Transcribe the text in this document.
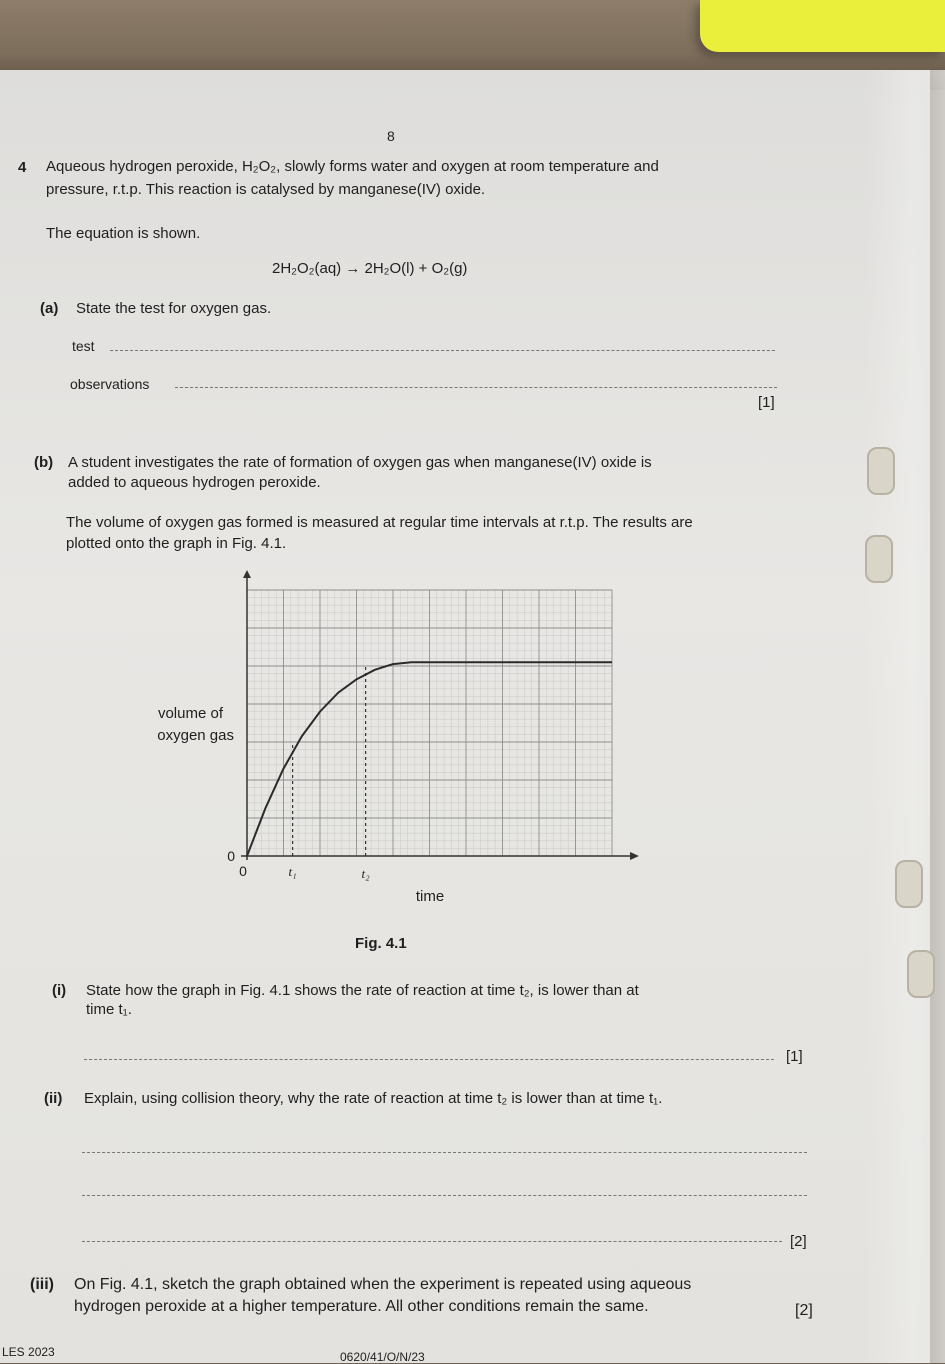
8
4 Aqueous hydrogen peroxide, H₂O₂, slowly forms water and oxygen at room temperature and
pressure, r.t.p. This reaction is catalysed by manganese(IV) oxide.
The equation is shown.
2H₂O₂(aq) → 2H₂O(l) + O₂(g)
(a) State the test for oxygen gas.
test
observations
[1]
(b) A student investigates the rate of formation of oxygen gas when manganese(IV) oxide is
added to aqueous hydrogen peroxide.
The volume of oxygen gas formed is measured at regular time intervals at r.t.p. The results are
plotted onto the graph in Fig. 4.1.
volume of
oxygen gas
0
0	t₁	t₂
time
Fig. 4.1
(i) State how the graph in Fig. 4.1 shows the rate of reaction at time t₂, is lower than at
time t₁.
[1]
(ii) Explain, using collision theory, why the rate of reaction at time t₂ is lower than at time t₁.
[2]
(iii) On Fig. 4.1, sketch the graph obtained when the experiment is repeated using aqueous
hydrogen peroxide at a higher temperature. All other conditions remain the same.	[2]
LES 2023	0620/41/O/N/23
